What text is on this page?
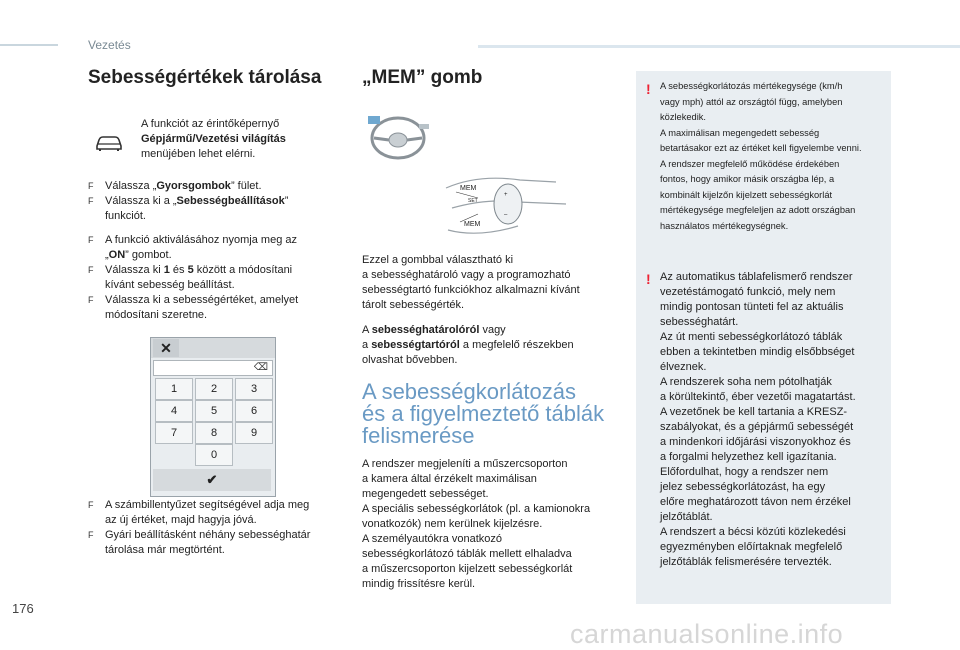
Vezetés
Sebességértékek tárolása
A funkciót az érintőképernyő
Gépjármű/Vezetési világítás
menüjében lehet elérni.
F Válassza „Gyorsgombok” fület.
F Válassza ki a „Sebességbeállítások”
funkciót.
F A funkció aktiválásához nyomja meg az
„ON” gombot.
F Válassza ki 1 és 5 között a módosítani
kívánt sebesség beállítást.
F Válassza ki a sebességértéket, amelyet
módosítani szeretne.
✕
⌫
1	2	3
4	5	6
7	8	9
0
✔
F A számbillentyűzet segítségével adja meg
az új értéket, majd hagyja jóvá.
F Gyári beállításként néhány sebességhatár
tárolása már megtörtént.
„MEM” gomb
MEM
MEM
SET
+
–
Ezzel a gombbal választható ki
a sebességhatároló vagy a programozható
sebességtartó funkciókhoz alkalmazni kívánt
tárolt sebességérték.
A sebességhatárolóról vagy
a sebességtartóról a megfelelő részekben
olvashat bővebben.
A sebességkorlátozás
és a figyelmeztető táblák
felismerése
A rendszer megjeleníti a műszercsoporton
a kamera által érzékelt maximálisan
megengedett sebességet.
A speciális sebességkorlátok (pl. a kamionokra
vonatkozók) nem kerülnek kijelzésre.
A személyautókra vonatkozó
sebességkorlátozó táblák mellett elhaladva
a műszercsoporton kijelzett sebességkorlát
mindig frissítésre kerül.
! A sebességkorlátozás mértékegysége (km/h
vagy mph) attól az országtól függ, amelyben
közlekedik.
A maximálisan megengedett sebesség
betartásakor ezt az értéket kell figyelembe venni.
A rendszer megfelelő működése érdekében
fontos, hogy amikor másik országba lép, a
kombinált kijelzőn kijelzett sebességkorlát
mértékegysége megfeleljen az adott országban
használatos mértékegységnek.
! Az automatikus táblafelismerő rendszer
vezetéstámogató funkció, mely nem
mindig pontosan tünteti fel az aktuális
sebességhatárt.
Az út menti sebességkorlátozó táblák
ebben a tekintetben mindig elsőbbséget
élveznek.
A rendszerek soha nem pótolhatják
a körültekintő, éber vezetői magatartást.
A vezetőnek be kell tartania a KRESZ-
szabályokat, és a gépjármű sebességét
a mindenkori időjárási viszonyokhoz és
a forgalmi helyzethez kell igazítania.
Előfordulhat, hogy a rendszer nem
jelez sebességkorlátozást, ha egy
előre meghatározott távon nem érzékel
jelzőtáblát.
A rendszert a bécsi közúti közlekedési
egyezményben előírtaknak megfelelő
jelzőtáblák felismerésére tervezték.
176
carmanualsonline.info
